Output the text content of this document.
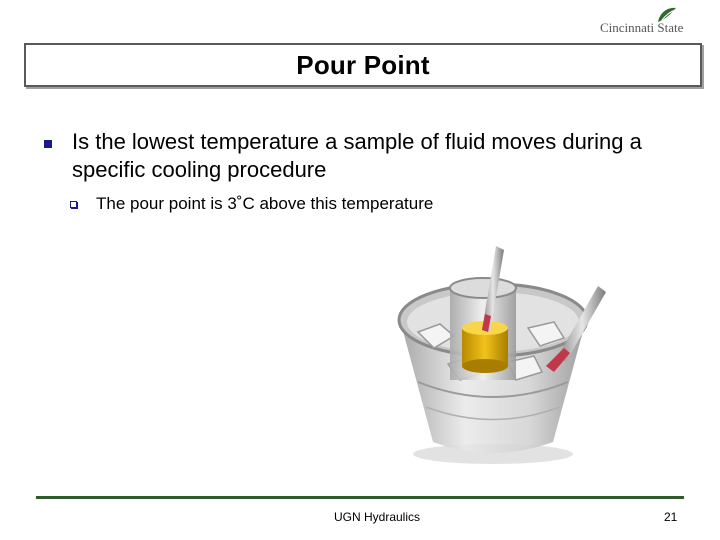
Cincinnati State
Pour Point
Is the lowest temperature a sample of fluid moves during a specific cooling procedure
The pour point is 3˚C above this temperature
UGN Hydraulics	21
